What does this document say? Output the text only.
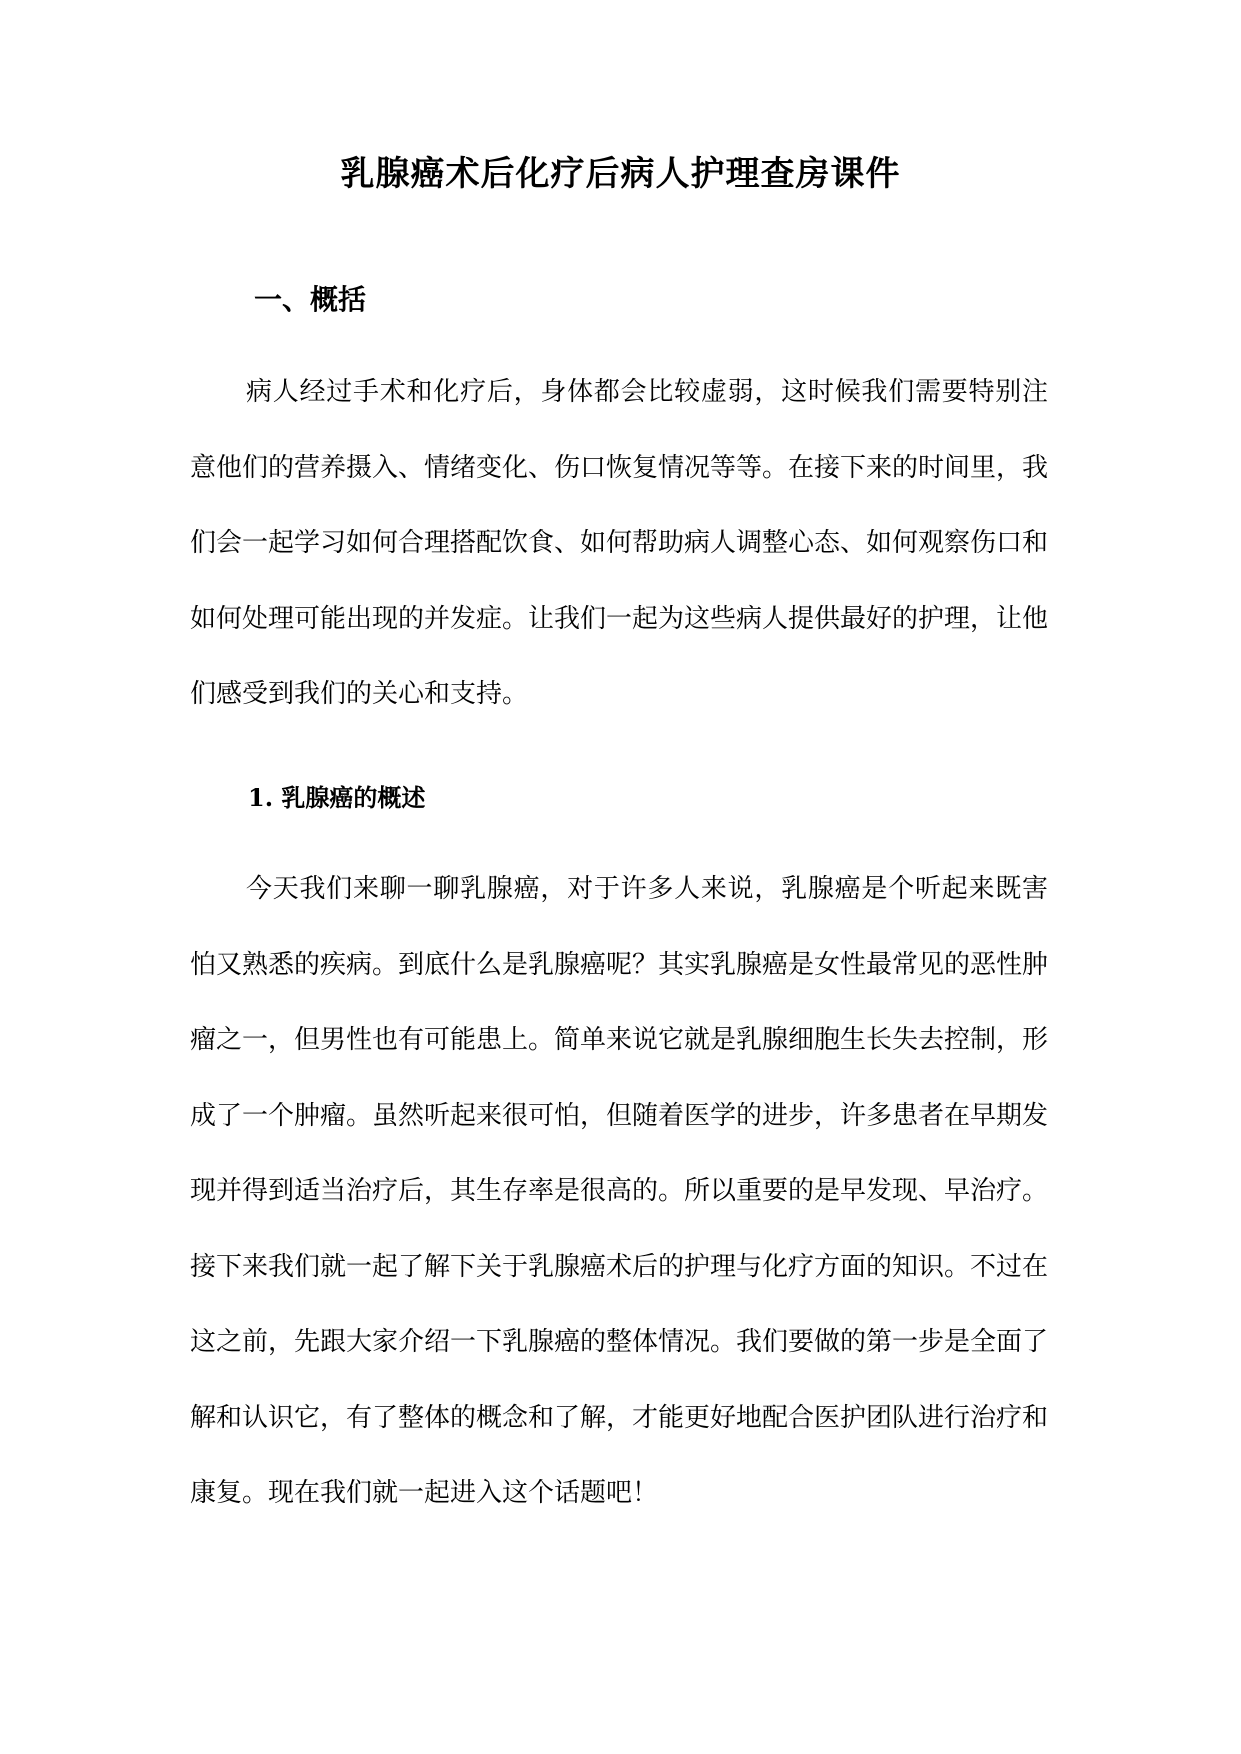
乳腺癌术后化疗后病人护理查房课件
一、概括

病人经过手术和化疗后，身体都会比较虚弱，这时候我们需要特别注意他们的营养摄入、情绪变化、伤口恢复情况等等。在接下来的时间里，我们会一起学习如何合理搭配饮食、如何帮助病人调整心态、如何观察伤口和如何处理可能出现的并发症。让我们一起为这些病人提供最好的护理，让他们感受到我们的关心和支持。

1. 乳腺癌的概述

今天我们来聊一聊乳腺癌，对于许多人来说，乳腺癌是个听起来既害怕又熟悉的疾病。到底什么是乳腺癌呢？其实乳腺癌是女性最常见的恶性肿瘤之一，但男性也有可能患上。简单来说它就是乳腺细胞生长失去控制，形成了一个肿瘤。虽然听起来很可怕，但随着医学的进步，许多患者在早期发现并得到适当治疗后，其生存率是很高的。所以重要的是早发现、早治疗。接下来我们就一起了解下关于乳腺癌术后的护理与化疗方面的知识。不过在这之前，先跟大家介绍一下乳腺癌的整体情况。我们要做的第一步是全面了解和认识它，有了整体的概念和了解，才能更好地配合医护团队进行治疗和康复。现在我们就一起进入这个话题吧！
